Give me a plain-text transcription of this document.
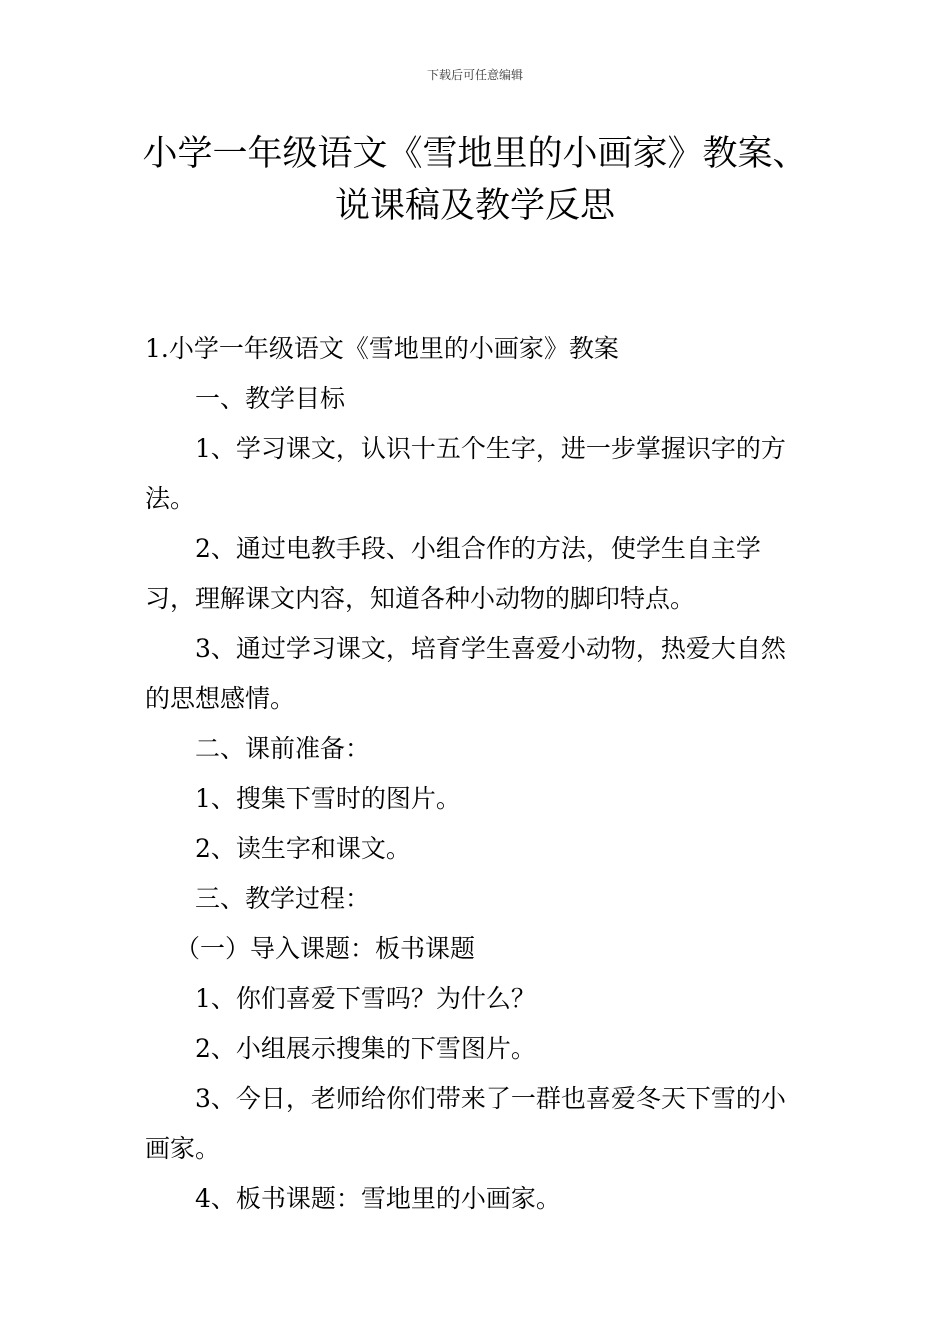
下载后可任意编辑
小学一年级语文《雪地里的小画家》教案、
说课稿及教学反思

1.小学一年级语文《雪地里的小画家》教案

一、教学目标

1、学习课文，认识十五个生字，进一步掌握识字的方法。

2、通过电教手段、小组合作的方法，使学生自主学习，理解课文内容，知道各种小动物的脚印特点。

3、通过学习课文，培育学生喜爱小动物，热爱大自然的思想感情。

二、课前准备：

1、搜集下雪时的图片。

2、读生字和课文。

三、教学过程：

（一）导入课题：板书课题

1、你们喜爱下雪吗？为什么？

2、小组展示搜集的下雪图片。

3、今日，老师给你们带来了一群也喜爱冬天下雪的小画家。

4、板书课题：雪地里的小画家。
